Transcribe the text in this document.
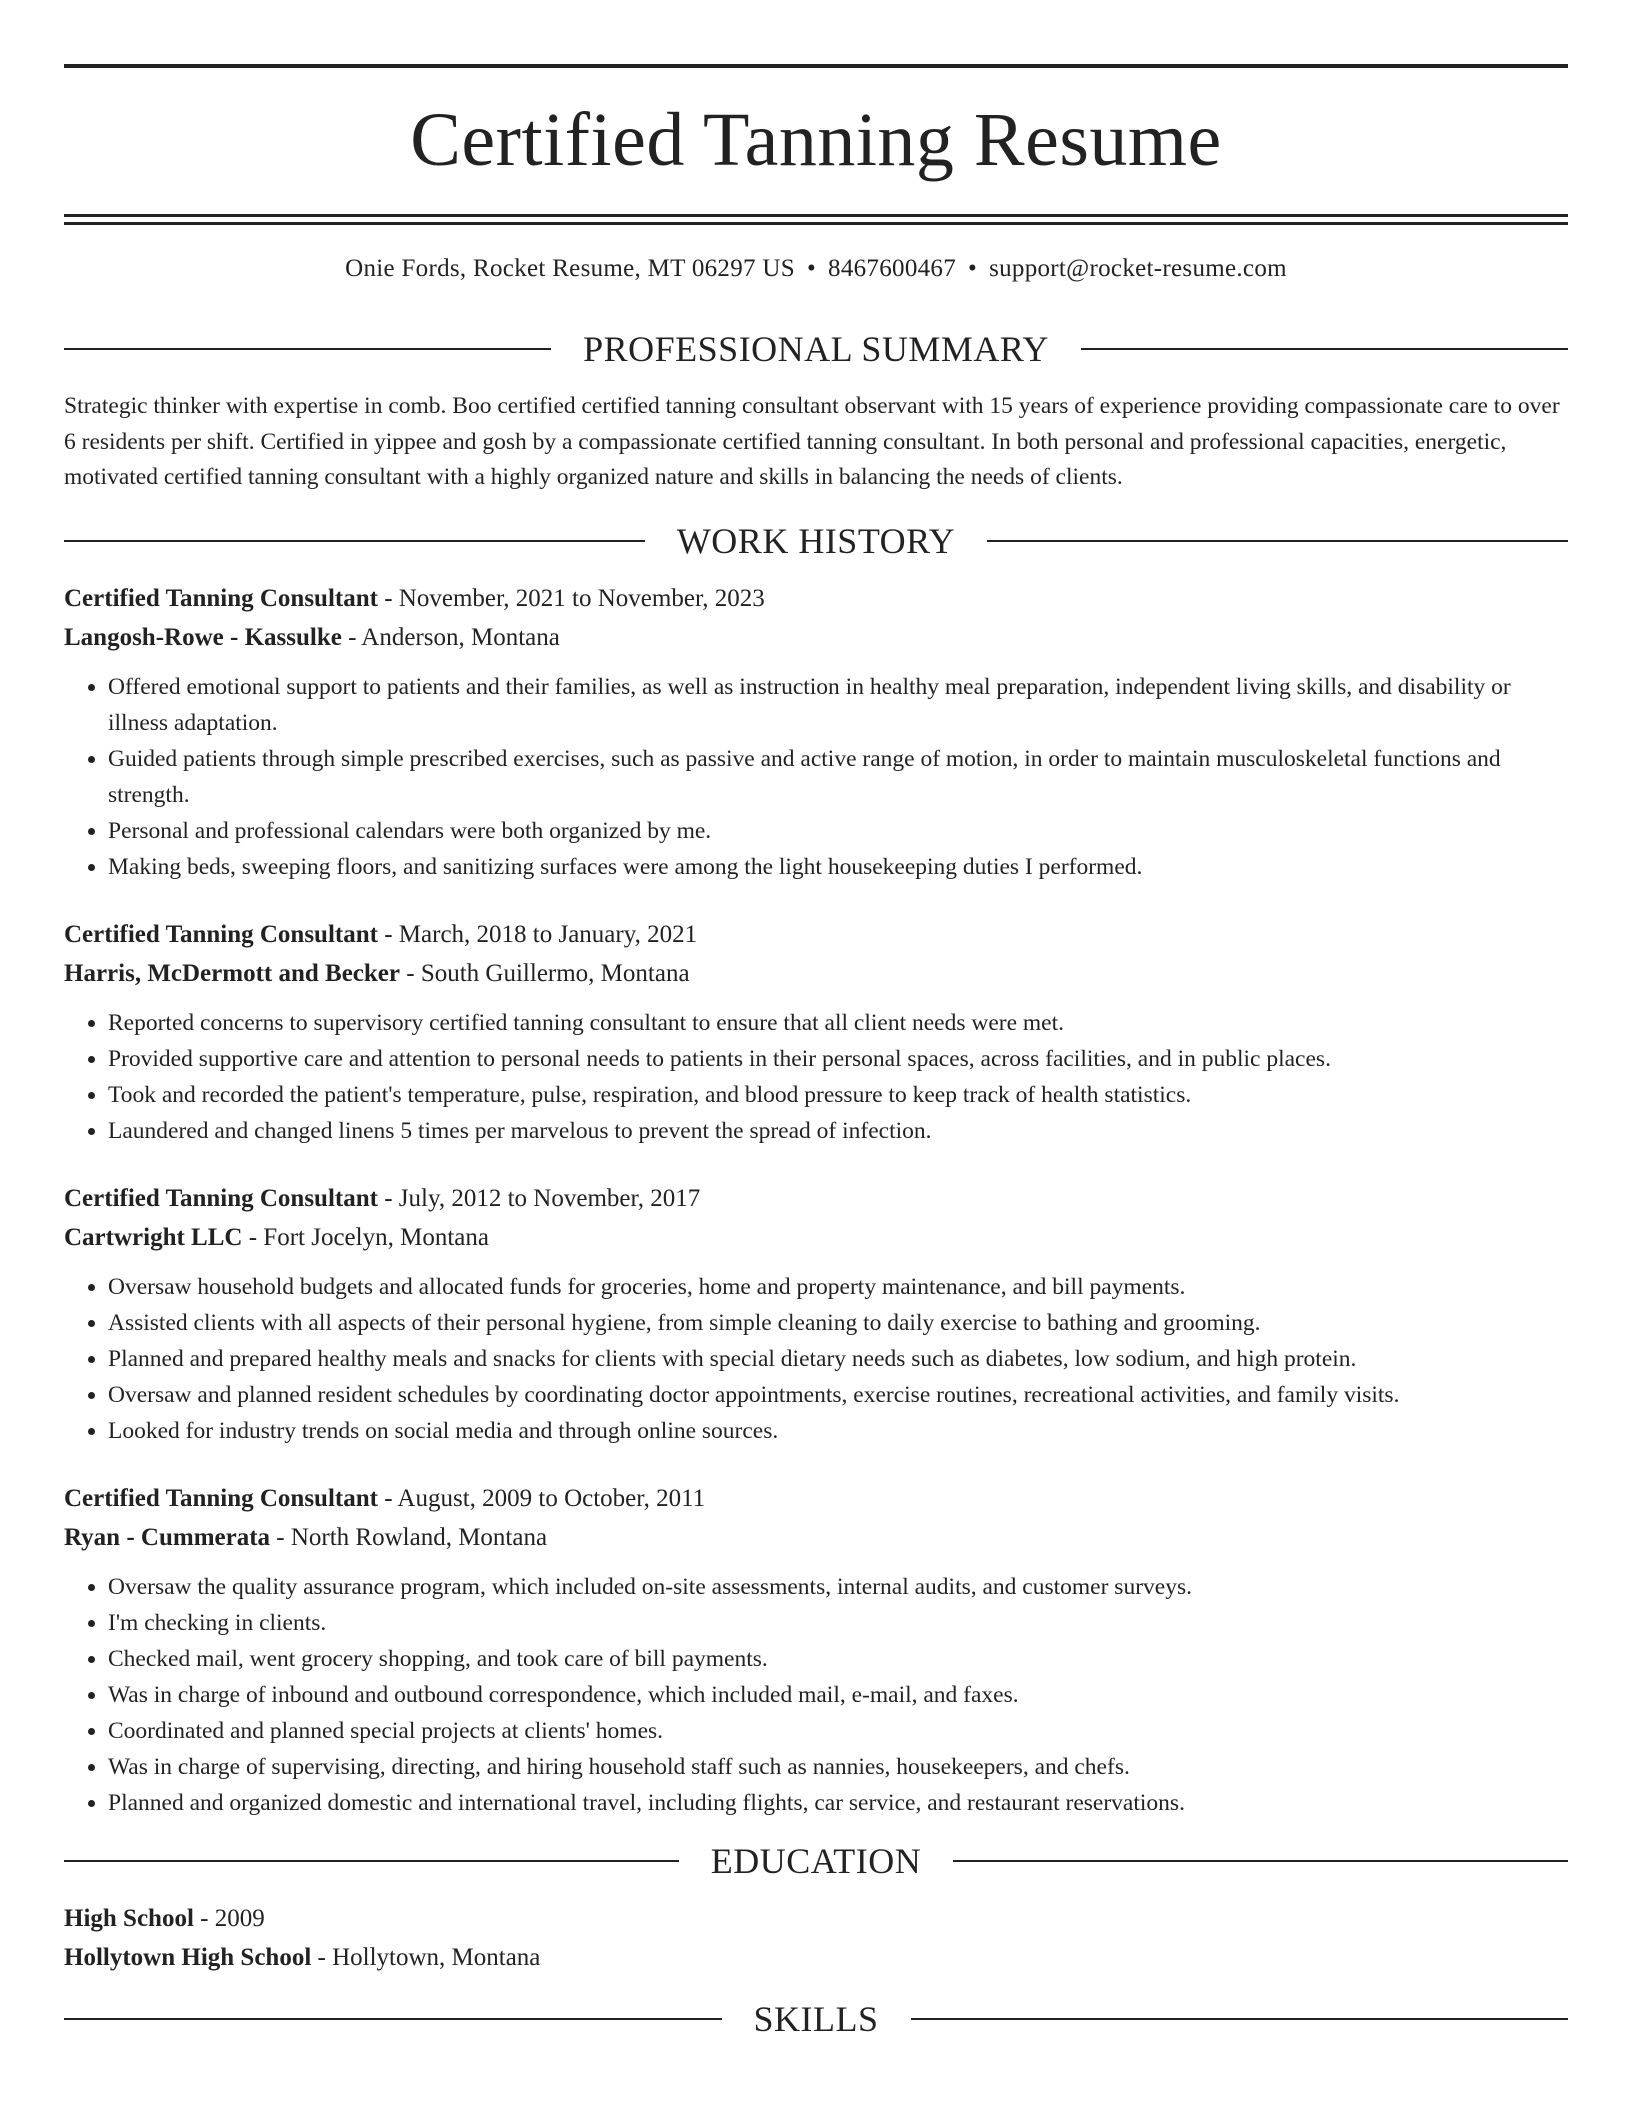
Certified Tanning Resume
Onie Fords, Rocket Resume, MT 06297 US • 8467600467 • support@rocket-resume.com
PROFESSIONAL SUMMARY

Strategic thinker with expertise in comb. Boo certified certified tanning consultant observant with 15 years of experience providing compassionate care to over 6 residents per shift. Certified in yippee and gosh by a compassionate certified tanning consultant. In both personal and professional capacities, energetic, motivated certified tanning consultant with a highly organized nature and skills in balancing the needs of clients.

WORK HISTORY
Certified Tanning Consultant - November, 2021 to November, 2023
Langosh-Rowe - Kassulke - Anderson, Montana
• Offered emotional support to patients and their families, as well as instruction in healthy meal preparation, independent living skills, and disability or illness adaptation.
• Guided patients through simple prescribed exercises, such as passive and active range of motion, in order to maintain musculoskeletal functions and strength.
• Personal and professional calendars were both organized by me.
• Making beds, sweeping floors, and sanitizing surfaces were among the light housekeeping duties I performed.
Certified Tanning Consultant - March, 2018 to January, 2021
Harris, McDermott and Becker - South Guillermo, Montana
• Reported concerns to supervisory certified tanning consultant to ensure that all client needs were met.
• Provided supportive care and attention to personal needs to patients in their personal spaces, across facilities, and in public places.
• Took and recorded the patient's temperature, pulse, respiration, and blood pressure to keep track of health statistics.
• Laundered and changed linens 5 times per marvelous to prevent the spread of infection.
Certified Tanning Consultant - July, 2012 to November, 2017
Cartwright LLC - Fort Jocelyn, Montana
• Oversaw household budgets and allocated funds for groceries, home and property maintenance, and bill payments.
• Assisted clients with all aspects of their personal hygiene, from simple cleaning to daily exercise to bathing and grooming.
• Planned and prepared healthy meals and snacks for clients with special dietary needs such as diabetes, low sodium, and high protein.
• Oversaw and planned resident schedules by coordinating doctor appointments, exercise routines, recreational activities, and family visits.
• Looked for industry trends on social media and through online sources.
Certified Tanning Consultant - August, 2009 to October, 2011
Ryan - Cummerata - North Rowland, Montana
• Oversaw the quality assurance program, which included on-site assessments, internal audits, and customer surveys.
• I'm checking in clients.
• Checked mail, went grocery shopping, and took care of bill payments.
• Was in charge of inbound and outbound correspondence, which included mail, e-mail, and faxes.
• Coordinated and planned special projects at clients' homes.
• Was in charge of supervising, directing, and hiring household staff such as nannies, housekeepers, and chefs.
• Planned and organized domestic and international travel, including flights, car service, and restaurant reservations.
EDUCATION
High School - 2009
Hollytown High School - Hollytown, Montana
SKILLS
